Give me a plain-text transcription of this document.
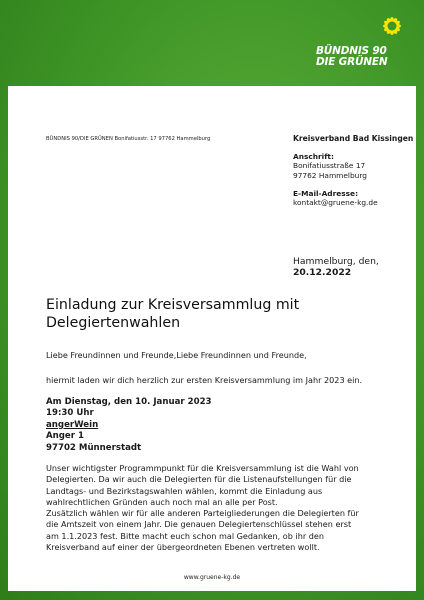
BÜNDNIS 90
DIE GRÜNEN
BÜNDNIS 90/DIE GRÜNEN Bonifatiusstr. 17 97762 Hammelburg	Kreisverband Bad Kissingen
Anschrift:
Bonifatiusstraße 17
97762 Hammelburg
E-Mail-Adresse:
kontakt@gruene-kg.de
Hammelburg, den,
20.12.2022
Einladung zur Kreisversammlug mit
Delegiertenwahlen
Liebe Freundinnen und Freunde,Liebe Freundinnen und Freunde,
hiermit laden wir dich herzlich zur ersten Kreisversammlung im Jahr 2023 ein.
Am Dienstag, den 10. Januar 2023
19:30 Uhr
angerWein
Anger 1
97702 Münnerstadt
Unser wichtigster Programmpunkt für die Kreisversammlung ist die Wahl von
Delegierten. Da wir auch die Delegierten für die Listenaufstellungen für die
Landtags- und Bezirkstagswahlen wählen, kommt die Einladung aus
wahlrechtlichen Gründen auch noch mal an alle per Post.
Zusätzlich wählen wir für alle anderen Parteigliederungen die Delegierten für
die Amtszeit von einem Jahr. Die genauen Delegiertenschlüssel stehen erst
am 1.1.2023 fest. Bitte macht euch schon mal Gedanken, ob ihr den
Kreisverband auf einer der übergeordneten Ebenen vertreten wollt.
www.gruene-kg.de
